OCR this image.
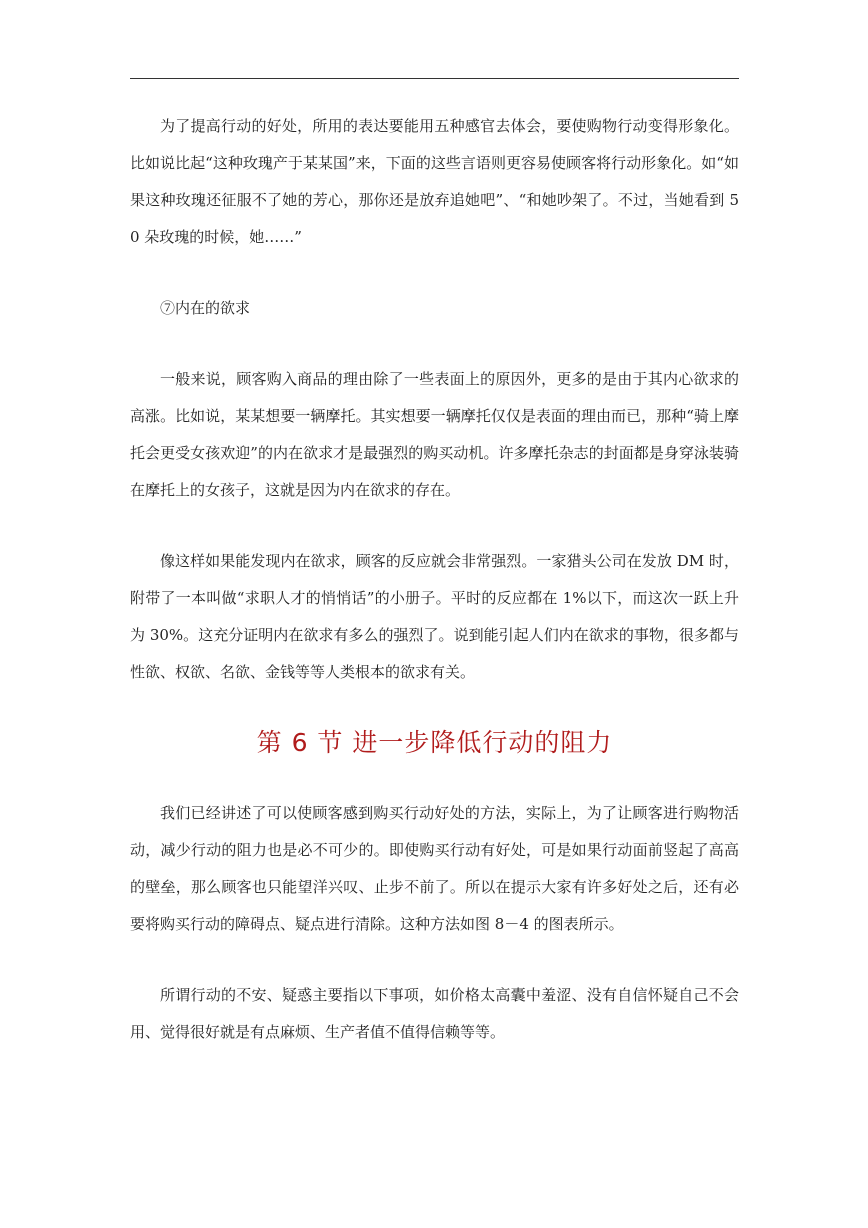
为了提高行动的好处，所用的表达要能用五种感官去体会，要使购物行动变得形象化。比如说比起“这种玫瑰产于某某国”来，下面的这些言语则更容易使顾客将行动形象化。如“如果这种玫瑰还征服不了她的芳心，那你还是放弃追她吧”、“和她吵架了。不过，当她看到 50 朵玫瑰的时候，她……”

⑦内在的欲求

一般来说，顾客购入商品的理由除了一些表面上的原因外，更多的是由于其内心欲求的高涨。比如说，某某想要一辆摩托。其实想要一辆摩托仅仅是表面的理由而已，那种“骑上摩托会更受女孩欢迎”的内在欲求才是最强烈的购买动机。许多摩托杂志的封面都是身穿泳装骑在摩托上的女孩子，这就是因为内在欲求的存在。

像这样如果能发现内在欲求，顾客的反应就会非常强烈。一家猎头公司在发放 DM 时，附带了一本叫做“求职人才的悄悄话”的小册子。平时的反应都在 1%以下，而这次一跃上升为 30%。这充分证明内在欲求有多么的强烈了。说到能引起人们内在欲求的事物，很多都与性欲、权欲、名欲、金钱等等人类根本的欲求有关。

第 6 节 进一步降低行动的阻力

我们已经讲述了可以使顾客感到购买行动好处的方法，实际上，为了让顾客进行购物活动，减少行动的阻力也是必不可少的。即使购买行动有好处，可是如果行动面前竖起了高高的壁垒，那么顾客也只能望洋兴叹、止步不前了。所以在提示大家有许多好处之后，还有必要将购买行动的障碍点、疑点进行清除。这种方法如图 8－4 的图表所示。

所谓行动的不安、疑惑主要指以下事项，如价格太高囊中羞涩、没有自信怀疑自己不会用、觉得很好就是有点麻烦、生产者值不值得信赖等等。
